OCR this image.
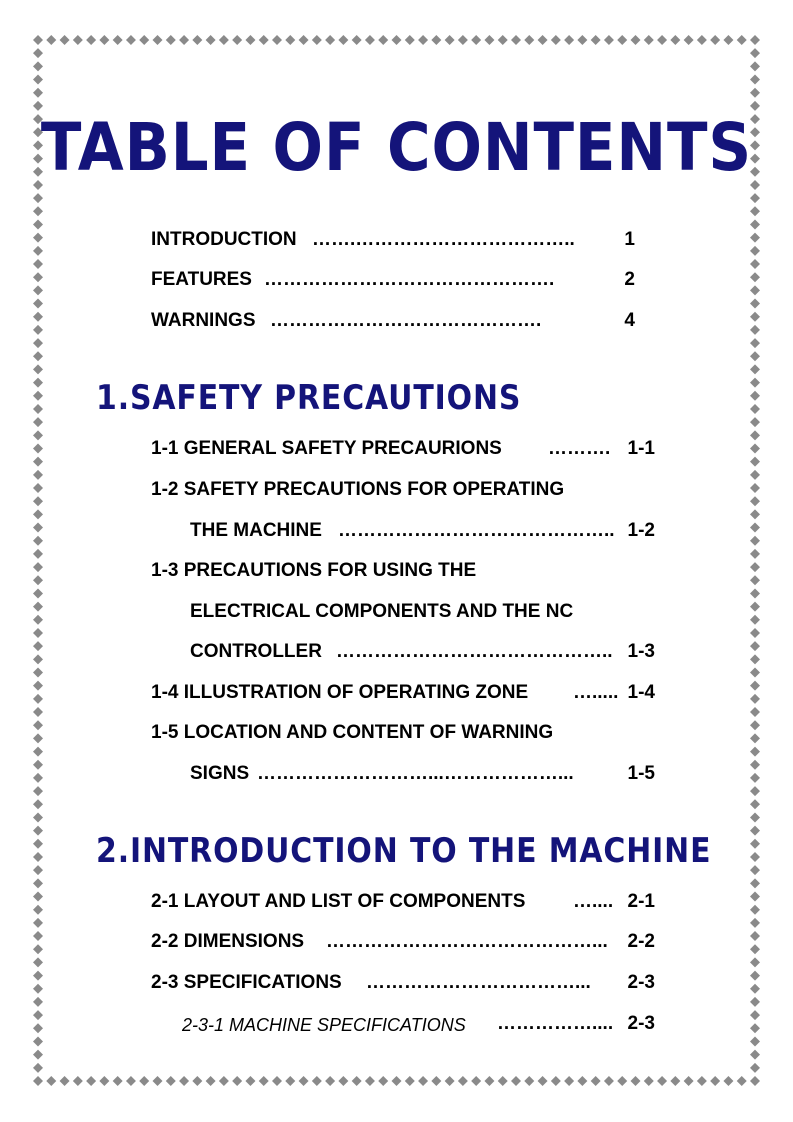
TABLE OF CONTENTS
INTRODUCTION …….……………………………..	1
FEATURES ……………………………………….	2
WARNINGS …………………………………….	4
1.SAFETY PRECAUTIONS
1-1 GENERAL SAFETY PRECAURIONS ………. 1-1
1-2 SAFETY PRECAUTIONS FOR OPERATING
THE MACHINE …………………………………….. 1-2
1-3 PRECAUTIONS FOR USING THE
ELECTRICAL COMPONENTS AND THE NC
CONTROLLER …………………………………….. 1-3
1-4 ILLUSTRATION OF OPERATING ZONE …..... 1-4
1-5 LOCATION AND CONTENT OF WARNING
SIGNS ………………………...………………...	1-5
2.INTRODUCTION TO THE MACHINE
2-1 LAYOUT AND LIST OF COMPONENTS	….... 2-1
2-2 DIMENSIONS ……………………………………...	2-2
2-3 SPECIFICATIONS ……………………………...	2-3
2-3-1 MACHINE SPECIFICATIONS …………….... 2-3
